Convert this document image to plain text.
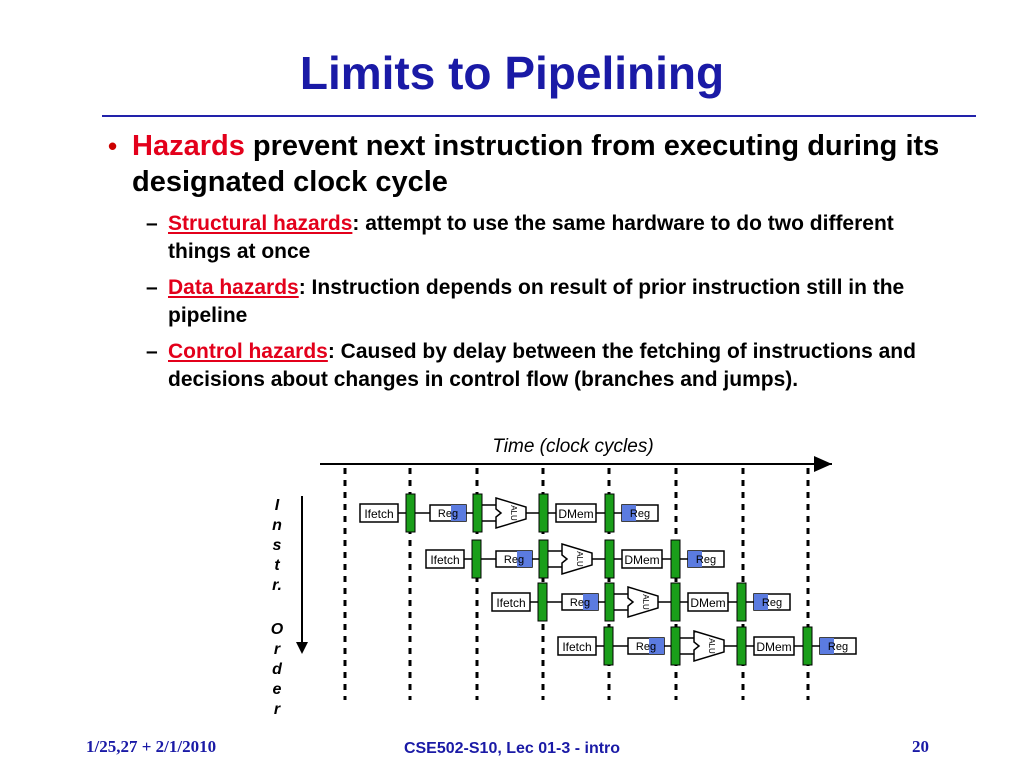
Limits to Pipelining
• Hazards prevent next instruction from executing during its designated clock cycle
– Structural hazards: attempt to use the same hardware to do two different things at once
– Data hazards: Instruction depends on result of prior instruction still in the pipeline
– Control hazards: Caused by delay between the fetching of instructions and decisions about changes in control flow (branches and jumps).
Time (clock cycles)
I
n
s
t
r.
O
r
d
e
r
Ifetch	Reg	ALU	DMem	Reg
Ifetch	Reg	ALU	DMem	Reg
Ifetch	Reg	ALU	DMem	Reg
Ifetch	Reg	ALU	DMem	Reg
1/25,27 + 2/1/2010	CSE502-S10, Lec 01-3 - intro	20
